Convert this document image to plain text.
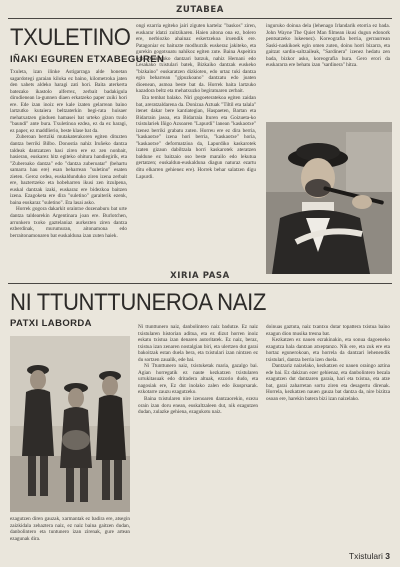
ZUTABEA
TXULETINO
IÑAKI EGUREN ETXABEGUREN

Txuleta, izan ilinke Astigarraga alde honetan sagardotegi garaian kiloka ez baino, kilometroka jaten den xahets aldeko haragi zati hori. Baita aterkerta batezako ikastolo alferrez, zerbait badakigula dirudienean la-gunnen diaen erkatzeko paper zuiki hori ere. Ede izan inoiz ere kale izaten gelarrean baino lartzutko kutaiera beltzaterkin begi-rata huisaer mehatxatzen ginduen hamasei bat urteko gizon txulo "baundi" ante bura. Txuletinoa ezdea, ez da ez haragi, ez paper, ez maddlierio, beste klase bat da.

Zuberoan bertziki mutakaterakoren egiten dituzten dantza berriki Bilbo. Donostia nahiz Iruñeko dantza taldeak dantzatzen hasi ziren ere ez zen nonbait, hasieran, euskarez hitz egiteko ohitura handiegirik, eta "Zuberoako dantza" edo "dantza zuberoatar" (behartu samarra hau ere) esan beharrean "suletino" esaten zieten. Geroz ordea, euskaldunduko ziren izena zerbait ere, baztertzeko eta hobeharren ikusi zen itzulpena, euskal dantzak izaki, euskaraz ere bidezkoa baitzen izena. Ezagoketa ere dira "suletino" garaiterik ezenk, baina euskaraz "suletino". Eta lasai asko.

Horrek gogora dakarkit oraintxe dozenaburu bat urte dantza taldearekin Argentinara joan ere. Burlotchen, arrunkero txoko gaztelaniaz aurkezten ziren dantza ezberdinak, murumuran, aitonamona edo berraitonamonaren bat euskalduna izan zuten haiek.

ongi ezarria egiteko jairi ziguten kartela: "baskos" ziren, euskarar idatzi zuitzikaren. Haien aitona ona ez, bolero ere, nerbiozko ahainaz eskertzekoa iruendik ere. Patagoniar ez baituzte modhurzik euskeraz jakiteko, eta gurekin gogotsuatu nahikoz egiten zute. Baina Aspeitira edo Durangoko dantzari batzuk, nahiz Hernani edo Lesakako txistulari batek, Bizkaiko dantzak euskeko "bizkaino" euskaratzen dizkioten, edo urtaz tuki dantza egin beharrean "gipuzkoano" dantzatu edo joaten dioenean, asmoa beste bat da. Horrek baita lartzuko kazadora beltz eta mehatxuzko begiratuaren zerbait.

Eta tembat balako. Niri gogoeteratekoa egiten zaidan bat, areratzaldarena da. Donizua Aztuak "Tiltil eta talala" itenet dakar bere kantiategian, Haspaeten, Bartan eta Bidarrain jasoa, eta Bidarraia Ituren eta Goizueta-ko txistulariek Iñigo Azsoaren "Lapurdi" lanean "kaskaotxe" izenez berriki grabatu zuten. Horreu ere ez dira berria, "kaskaotxe" izena hori berria, "kaskaotxe" horia, "kaskaotxe" deformatzioa da, Lapurdiko kaskarotek izaten gizaun dabiltzala horri kaskarotek ateratzen baldune ez baitzaio oso beste marailo edo lekutua gertatzen; euskaldun-euskalduna diagun naturaz ezartu ditu elkarren gehienez ere). Horrek behar salatzen digu Lapurdi.

inguruko doinua dela (lehenago Irlandarik etorria ez bada. John Wayne The Quiet Man filmean ikusi dugun edonork pentsatzeko lukeenez). Koreografia berria, gerraurrean Saski-naskikoek egin omen zuten, doinu horri bizarra, eta gaitzat sardin-saltzaileak, "Sardinera" izenez hedatu zen bada, bizkor asko, koreografia hura. Gero erori da euskararra ere behatu izan "sardinera" hitza.

XIRIA PASA
NI TTUNTTUNEROA NAIZ
PATXI LABORDA
ezagutzen diren gauzak, xarmantak ez badira ere, atsegin zaizkidala zehaztera naiz, ez naiz baina gaitzen dudan, danbolintero eta tuntunero izan zirenak, gure artean ezagunak dira.

Ni ttunttunero naiz, danbolintero naiz badutze. Ez naiz txistularen historian aditua, eta ez dizut horren inoiz eskatu txistua izan denaren autoritatek. Ez naiz, beraz, txistua izan zenaren nostalgian biri, eta ulertzen dut garai bakoitzak estan duela bera, eta txistulari izan nintzen ez du sortzen zaualik, ede bai.

Ni Ttunttunero naiz, txistuketak maria, gazalgo bai. Agian horregatik ez naute kezkatzen txistularen urrukitasuak edo dritadera altuak, ezzorio dudo, eta nagosiak ere, Ez dut inolako zalen edo ikusprsarak. ezkotarre zauzu ezagutzeko.

Baina txistularen nire izenoaren dantzaorekin, ezezu orain izan doru enean, euskaltzaleen dut, nik ezagutzen dudan, zulazke gehiena, ezagukotu naiz.

doinuas gaztuta, naiz txantxu dutar topattera txistua baino ezagun dion musika tresna bat.

Kezkatzen ez nauen ezrakinakin, eta sonua dagoeneko ezagutza hala dantzan atxeptanzo. Nik ere, eta zuk ere eta hortaz egunerokoan, eta horrela da dantzari lehenendik txistulari, dantza berria izen duela.

Dantzariz naizelako, kezkatzen ez nauen oraingo aztina ede bai. Ez dakizun ezer gehienaz, eta danbolintero bezala ezagutzen dut dantzaren garaia, hari eta txistua, eta atze bat, garai zaharretan sortu ziren eta desagertu direnak. Horrela, kezkatzen nauen gauza bat dantza da, nire bizitza osoan ere, harekin batera bizi izan naizelako.

Txistulari 3
